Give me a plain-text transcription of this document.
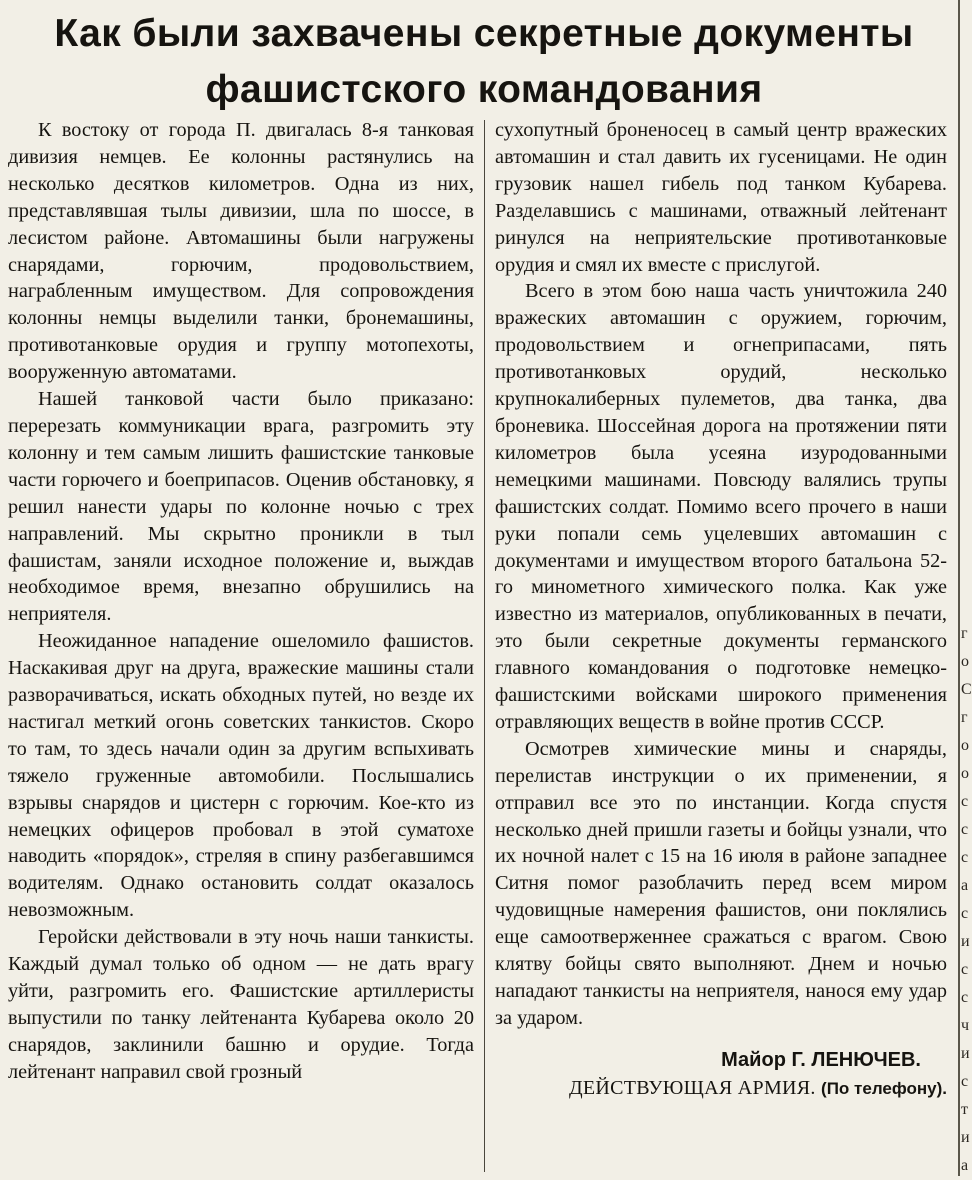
Как были захвачены секретные документы
фашистского командования

К востоку от города П. двигалась 8-я танковая дивизия немцев. Ее колонны растянулись на несколько десятков километров. Одна из них, представлявшая тылы дивизии, шла по шоссе, в лесистом районе. Автомашины были нагружены снарядами, горючим, продовольствием, награбленным имуществом. Для сопровождения колонны немцы выделили танки, бронемашины, противотанковые орудия и группу мотопехоты, вооруженную автоматами.

Нашей танковой части было приказано: перерезать коммуникации врага, разгромить эту колонну и тем самым лишить фашистские танковые части горючего и боеприпасов. Оценив обстановку, я решил нанести удары по колонне ночью с трех направлений. Мы скрытно проникли в тыл фашистам, заняли исходное положение и, выждав необходимое время, внезапно обрушились на неприятеля.

Неожиданное нападение ошеломило фашистов. Наскакивая друг на друга, вражеские машины стали разворачиваться, искать обходных путей, но везде их настигал меткий огонь советских танкистов. Скоро то там, то здесь начали один за другим вспыхивать тяжело груженные автомобили. Послышались взрывы снарядов и цистерн с горючим. Кое-кто из немецких офицеров пробовал в этой суматохе наводить «порядок», стреляя в спину разбегавшимся водителям. Однако остановить солдат оказалось невозможным.

Геройски действовали в эту ночь наши танкисты. Каждый думал только об одном — не дать врагу уйти, разгромить его. Фашистские артиллеристы выпустили по танку лейтенанта Кубарева около 20 снарядов, заклинили башню и орудие. Тогда лейтенант направил свой грозный

сухопутный броненосец в самый центр вражеских автомашин и стал давить их гусеницами. Не один грузовик нашел гибель под танком Кубарева. Разделавшись с машинами, отважный лейтенант ринулся на неприятельские противотанковые орудия и смял их вместе с прислугой.

Всего в этом бою наша часть уничтожила 240 вражеских автомашин с оружием, горючим, продовольствием и огнеприпасами, пять противотанковых орудий, несколько крупнокалиберных пулеметов, два танка, два броневика. Шоссейная дорога на протяжении пяти километров была усеяна изуродованными немецкими машинами. Повсюду валялись трупы фашистских солдат. Помимо всего прочего в наши руки попали семь уцелевших автомашин с документами и имуществом второго батальона 52-го минометного химического полка. Как уже известно из материалов, опубликованных в печати, это были секретные документы германского главного командования о подготовке немецко-фашистскими войсками широкого применения отравляющих веществ в войне против СССР.

Осмотрев химические мины и снаряды, перелистав инструкции о их применении, я отправил все это по инстанции. Когда спустя несколько дней пришли газеты и бойцы узнали, что их ночной налет с 15 на 16 июля в районе западнее Ситня помог разоблачить перед всем миром чудовищные намерения фашистов, они поклялись еще самоотверженнее сражаться с врагом. Свою клятву бойцы свято выполняют. Днем и ночью нападают танкисты на неприятеля, нанося ему удар за ударом.

Майор Г. ЛЕНЮЧЕВ.
ДЕЙСТВУЮЩАЯ АРМИЯ. (По телефону).
г
о
С
г
о
о
с
с
с
а
с
и
с
с
ч
и
с
т
и
а
